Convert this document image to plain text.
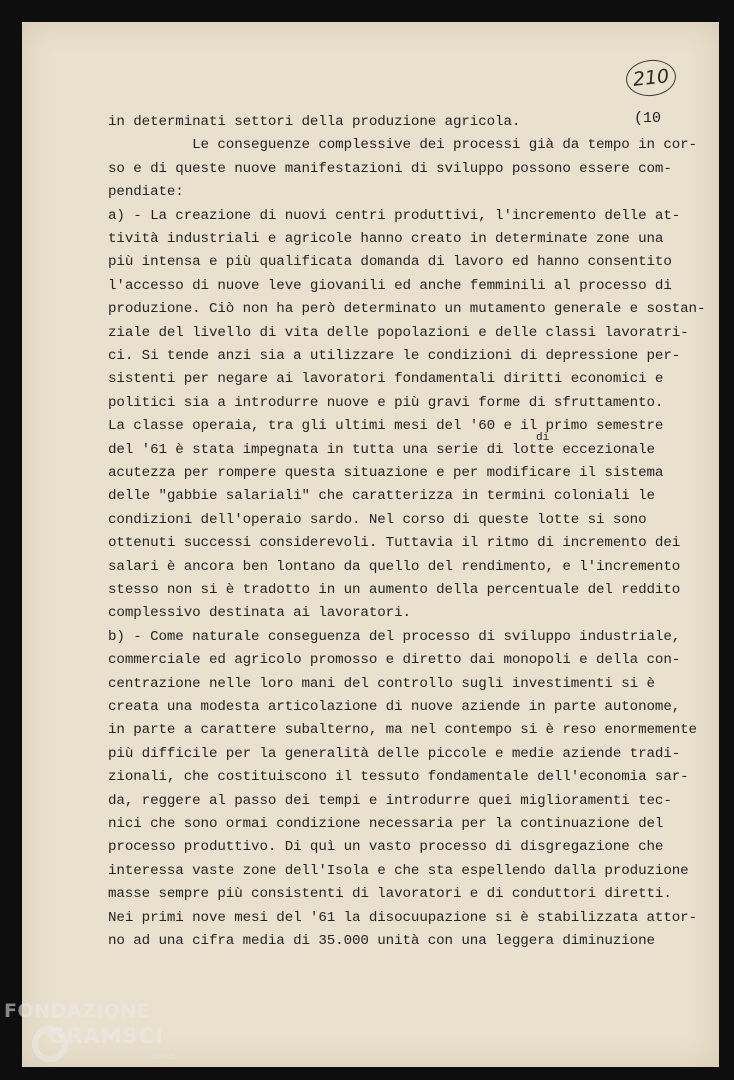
210
(10
in determinati settori della produzione agricola.
Le conseguenze complessive dei processi già da tempo in cor-
so e di queste nuove manifestazioni di sviluppo possono essere com-
pendiate:
a) - La creazione di nuovi centri produttivi, l'incremento delle at-
tività industriali e agricole hanno creato in determinate zone una
più intensa e più qualificata domanda di lavoro ed hanno consentito
l'accesso di nuove leve giovanili ed anche femminili al processo di
produzione. Ciò non ha però determinato un mutamento generale e sostan-
ziale del livello di vita delle popolazioni e delle classi lavoratri-
ci. Si tende anzi sia a utilizzare le condizioni di depressione per-
sistenti per negare ai lavoratori fondamentali diritti economici e
politici sia a introdurre nuove e più gravi forme di sfruttamento.
La classe operaia, tra gli ultimi mesi del '60 e il primo semestre
del '61 è stata impegnata in tutta una serie di lotte eccezionale
acutezza per rompere questa situazione e per modificare il sistema
delle "gabbie salariali" che caratterizza in termini coloniali le
condizioni dell'operaio sardo. Nel corso di queste lotte si sono
ottenuti successi considerevoli. Tuttavia il ritmo di incremento dei
salari è ancora ben lontano da quello del rendimento, e l'incremento
stesso non si è tradotto in un aumento della percentuale del reddito
complessivo destinata ai lavoratori.
b) - Come naturale conseguenza del processo di sviluppo industriale,
commerciale ed agricolo promosso e diretto dai monopoli e della con-
centrazione nelle loro mani del controllo sugli investimenti si è
creata una modesta articolazione di nuove aziende in parte autonome,
in parte a carattere subalterno, ma nel contempo si è reso enormemente
più difficile per la generalità delle piccole e medie aziende tradi-
zionali, che costituiscono il tessuto fondamentale dell'economia sar-
da, reggere al passo dei tempi e introdurre quei miglioramenti tec-
nici che sono ormai condizione necessaria per la continuazione del
processo produttivo. Di quì un vasto processo di disgregazione che
interessa vaste zone dell'Isola e che sta espellendo dalla produzione
masse sempre più consistenti di lavoratori e di conduttori diretti.
Nei primi nove mesi del '61 la disocuupazione si è stabilizzata attor-
no ad una cifra media di 35.000 unità con una leggera diminuzione
di
FONDAZIONE
GRAMSCI
onlus
